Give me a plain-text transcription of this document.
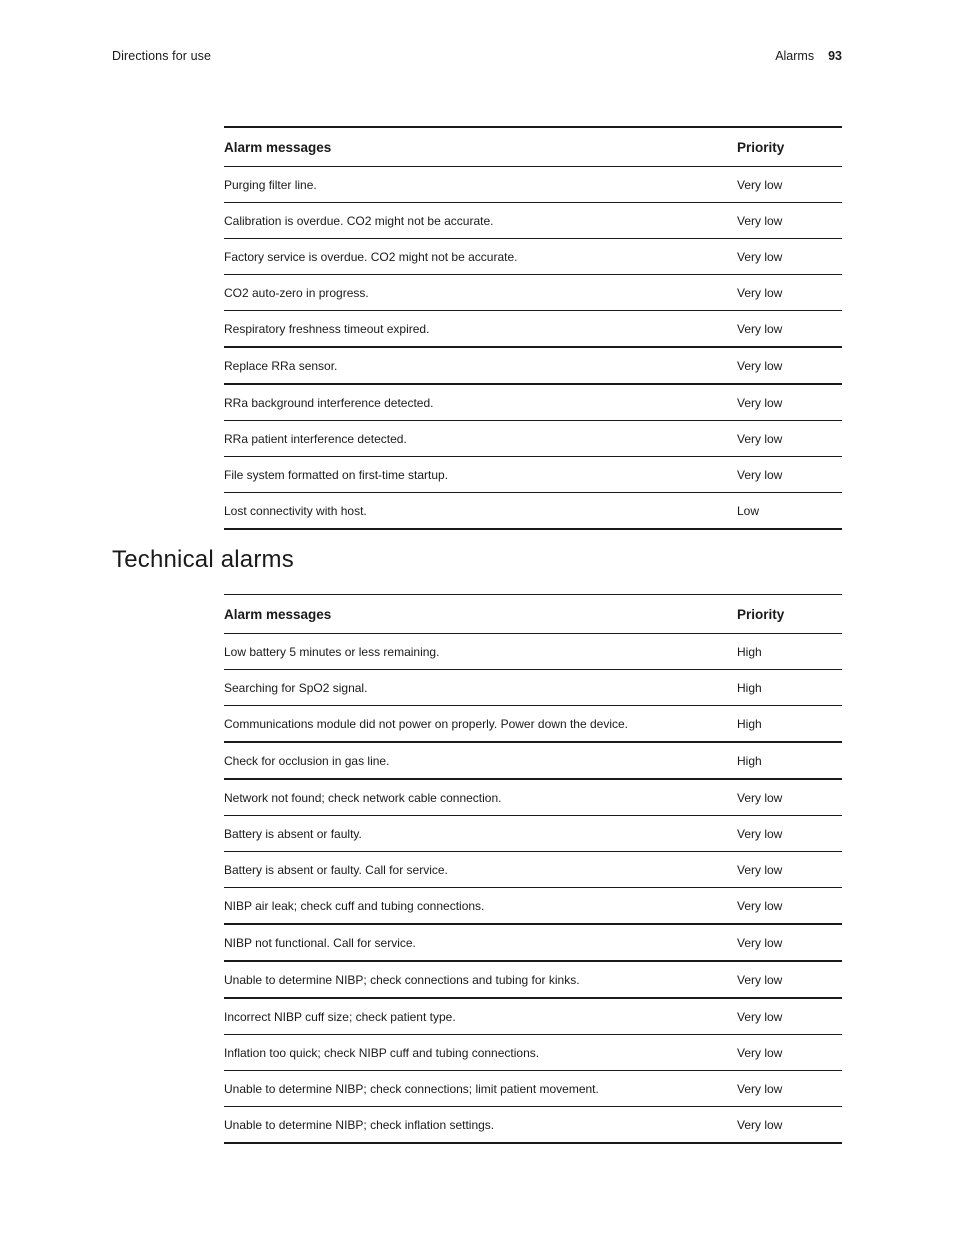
Directions for use	Alarms 93
Alarm messages	Priority
Purging filter line.	Very low
Calibration is overdue. CO2 might not be accurate.	Very low
Factory service is overdue. CO2 might not be accurate.	Very low
CO2 auto-zero in progress.	Very low
Respiratory freshness timeout expired.	Very low
Replace RRa sensor.	Very low
RRa background interference detected.	Very low
RRa patient interference detected.	Very low
File system formatted on first-time startup.	Very low
Lost connectivity with host.	Low
Technical alarms
Alarm messages	Priority
Low battery 5 minutes or less remaining.	High
Searching for SpO2 signal.	High
Communications module did not power on properly. Power down the device.	High
Check for occlusion in gas line.	High
Network not found; check network cable connection.	Very low
Battery is absent or faulty.	Very low
Battery is absent or faulty. Call for service.	Very low
NIBP air leak; check cuff and tubing connections.	Very low
NIBP not functional. Call for service.	Very low
Unable to determine NIBP; check connections and tubing for kinks.	Very low
Incorrect NIBP cuff size; check patient type.	Very low
Inflation too quick; check NIBP cuff and tubing connections.	Very low
Unable to determine NIBP; check connections; limit patient movement.	Very low
Unable to determine NIBP; check inflation settings.	Very low
